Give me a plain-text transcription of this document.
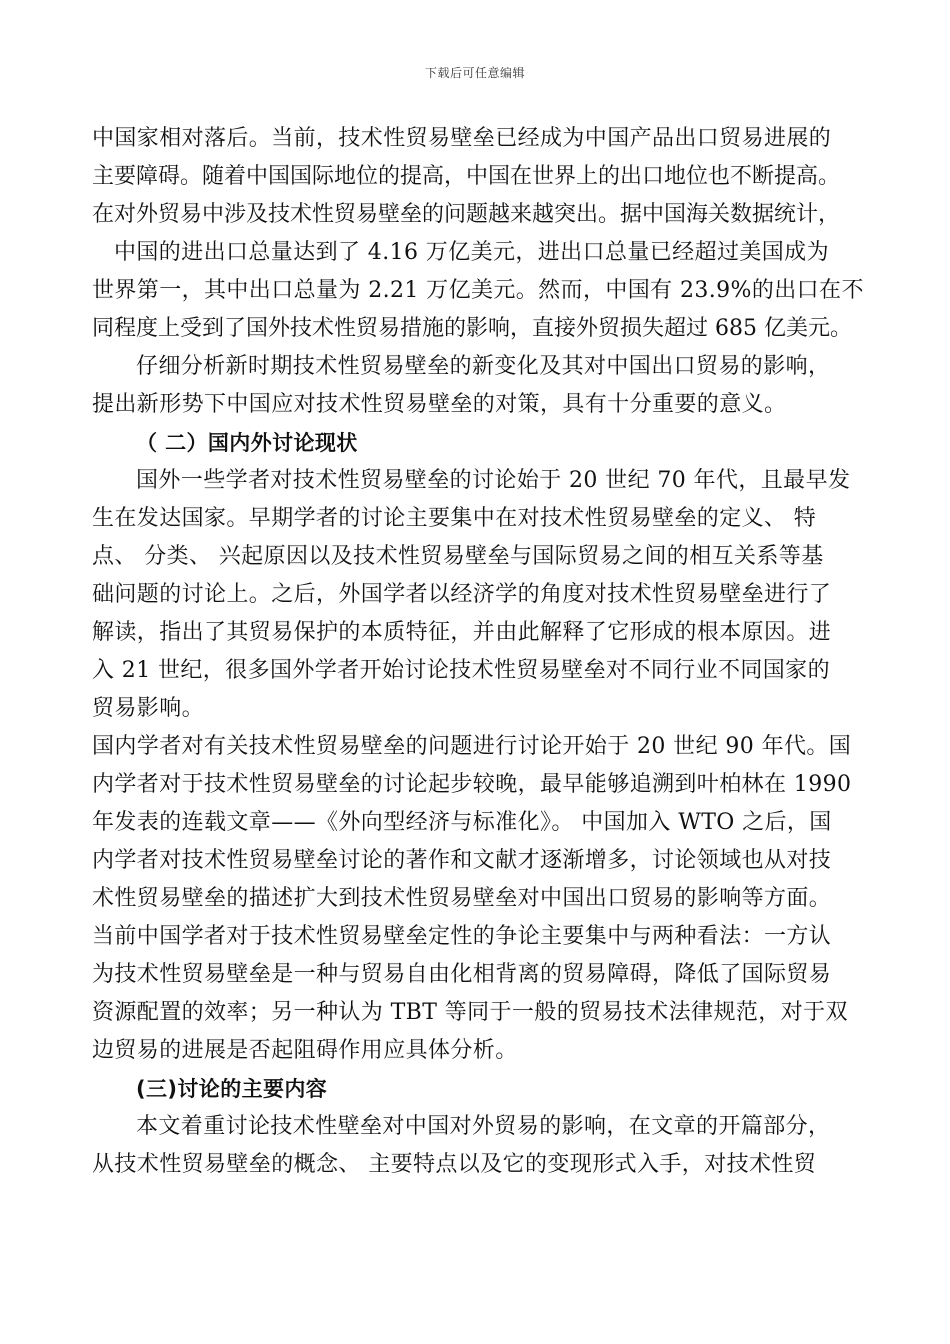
下载后可任意编辑
中国家相对落后。当前，技术性贸易壁垒已经成为中国产品出口贸易进展的
主要障碍。随着中国国际地位的提高，中国在世界上的出口地位也不断提高。
在对外贸易中涉及技术性贸易壁垒的问题越来越突出。据中国海关数据统计，
中国的进出口总量达到了 4.16 万亿美元，进出口总量已经超过美国成为
世界第一，其中出口总量为 2.21 万亿美元。然而，中国有 23.9%的出口在不
同程度上受到了国外技术性贸易措施的影响，直接外贸损失超过 685 亿美元。
仔细分析新时期技术性贸易壁垒的新变化及其对中国出口贸易的影响，
提出新形势下中国应对技术性贸易壁垒的对策，具有十分重要的意义。
（ 二）国内外讨论现状
国外一些学者对技术性贸易壁垒的讨论始于 20 世纪 70 年代，且最早发
生在发达国家。早期学者的讨论主要集中在对技术性贸易壁垒的定义、 特
点、 分类、 兴起原因以及技术性贸易壁垒与国际贸易之间的相互关系等基
础问题的讨论上。之后，外国学者以经济学的角度对技术性贸易壁垒进行了
解读，指出了其贸易保护的本质特征，并由此解释了它形成的根本原因。进
入 21 世纪，很多国外学者开始讨论技术性贸易壁垒对不同行业不同国家的
贸易影响。
国内学者对有关技术性贸易壁垒的问题进行讨论开始于 20 世纪 90 年代。国
内学者对于技术性贸易壁垒的讨论起步较晚，最早能够追溯到叶柏林在 1990
年发表的连载文章——《外向型经济与标准化》。 中国加入 WTO 之后，国
内学者对技术性贸易壁垒讨论的著作和文献才逐渐增多，讨论领域也从对技
术性贸易壁垒的描述扩大到技术性贸易壁垒对中国出口贸易的影响等方面。
当前中国学者对于技术性贸易壁垒定性的争论主要集中与两种看法：一方认
为技术性贸易壁垒是一种与贸易自由化相背离的贸易障碍，降低了国际贸易
资源配置的效率；另一种认为 TBT 等同于一般的贸易技术法律规范，对于双
边贸易的进展是否起阻碍作用应具体分析。
(三)讨论的主要内容
本文着重讨论技术性壁垒对中国对外贸易的影响，在文章的开篇部分，
从技术性贸易壁垒的概念、 主要特点以及它的变现形式入手，对技术性贸
